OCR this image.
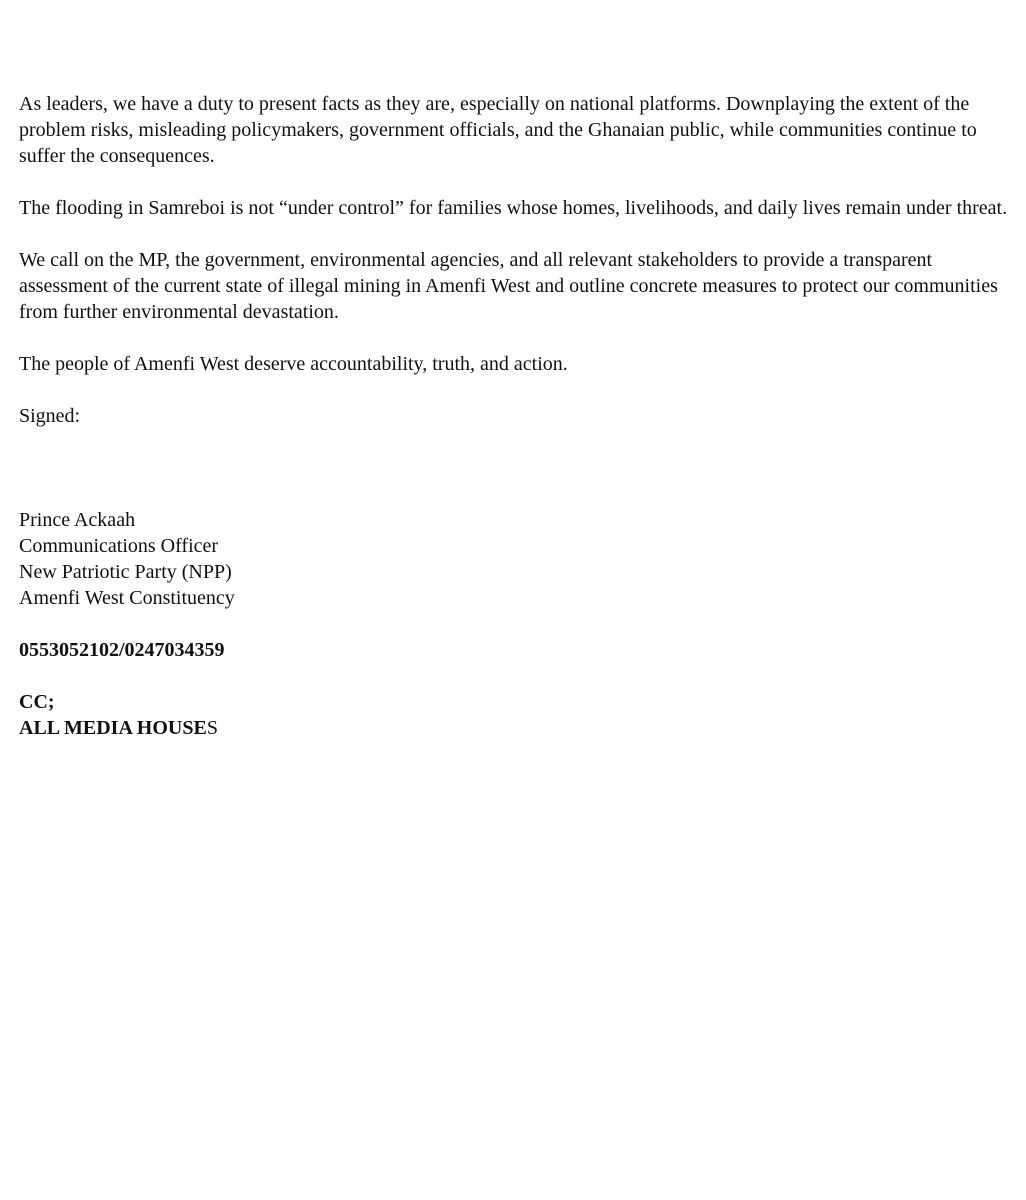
As leaders, we have a duty to present facts as they are, especially on national platforms. Downplaying the extent of the problem risks, misleading policymakers, government officials, and the Ghanaian public, while communities continue to suffer the consequences.

The flooding in Samreboi is not “under control” for families whose homes, livelihoods, and daily lives remain under threat.

We call on the MP, the government, environmental agencies, and all relevant stakeholders to provide a transparent assessment of the current state of illegal mining in Amenfi West and outline concrete measures to protect our communities from further environmental devastation.

The people of Amenfi West deserve accountability, truth, and action.

Signed:

Prince Ackaah
Communications Officer
New Patriotic Party (NPP)
Amenfi West Constituency

0553052102/0247034359

CC;
ALL MEDIA HOUSES
